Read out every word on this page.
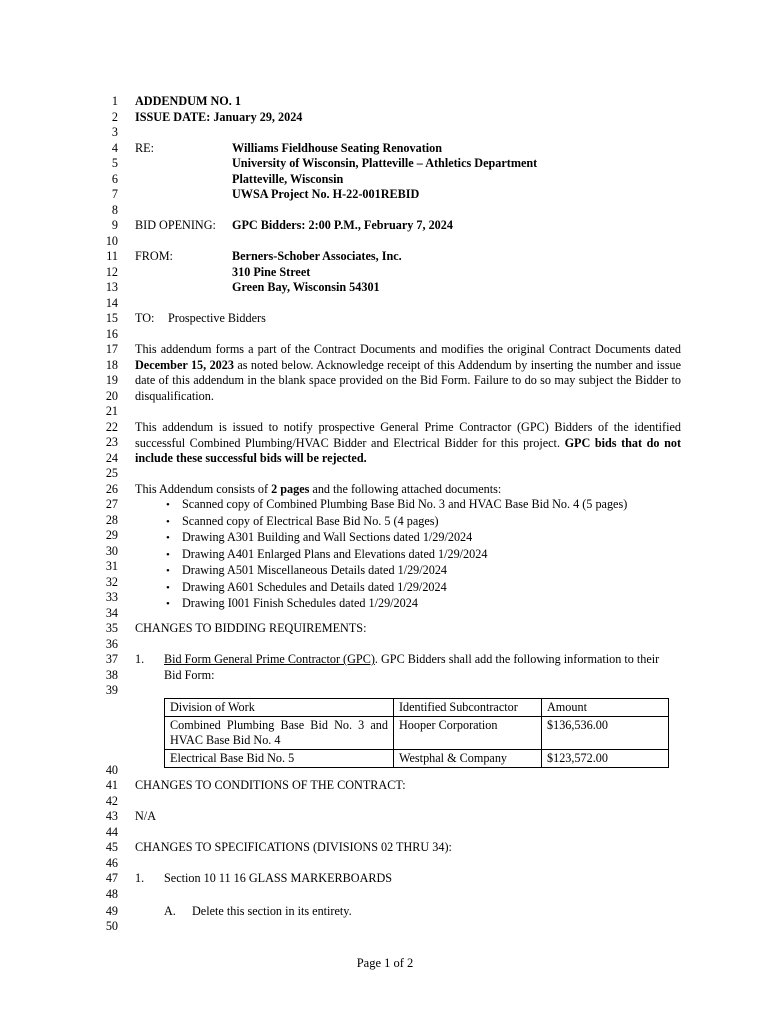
1
2
3
4
5
6
7
8
9
10
11
12
13
14
15
16
17
18
19
20
21
22
23
24
25
26
27
28
29
30
31
32
33
34
35
36
37
38
39
40
41
42
43
44
45
46
47
48
49
50
ADDENDUM NO. 1
ISSUE DATE: January 29, 2024
RE:	Williams Fieldhouse Seating Renovation
University of Wisconsin, Platteville – Athletics Department
Platteville, Wisconsin
UWSA Project No. H-22-001REBID
BID OPENING: GPC Bidders: 2:00 P.M., February 7, 2024
FROM:	Berners-Schober Associates, Inc.
310 Pine Street
Green Bay, Wisconsin 54301
TO: Prospective Bidders
This addendum forms a part of the Contract Documents and modifies the original Contract Documents dated December 15, 2023 as noted below. Acknowledge receipt of this Addendum by inserting the number and issue date of this addendum in the blank space provided on the Bid Form. Failure to do so may subject the Bidder to disqualification.
This addendum is issued to notify prospective General Prime Contractor (GPC) Bidders of the identified successful Combined Plumbing/HVAC Bidder and Electrical Bidder for this project. GPC bids that do not include these successful bids will be rejected.
This Addendum consists of 2 pages and the following attached documents:
• Scanned copy of Combined Plumbing Base Bid No. 3 and HVAC Base Bid No. 4 (5 pages)
• Scanned copy of Electrical Base Bid No. 5 (4 pages)
• Drawing A301 Building and Wall Sections dated 1/29/2024
• Drawing A401 Enlarged Plans and Elevations dated 1/29/2024
• Drawing A501 Miscellaneous Details dated 1/29/2024
• Drawing A601 Schedules and Details dated 1/29/2024
• Drawing I001 Finish Schedules dated 1/29/2024
CHANGES TO BIDDING REQUIREMENTS:
1. Bid Form General Prime Contractor (GPC). GPC Bidders shall add the following information to their
Bid Form:
Division of Work	Identified Subcontractor	Amount
Combined Plumbing Base Bid No. 3 and HVAC Base Bid No. 4	Hooper Corporation	$136,536.00
Electrical Base Bid No. 5	Westphal & Company	$123,572.00
CHANGES TO CONDITIONS OF THE CONTRACT:
N/A
CHANGES TO SPECIFICATIONS (DIVISIONS 02 THRU 34):
1. Section 10 11 16 GLASS MARKERBOARDS
A. Delete this section in its entirety.
Page 1 of 2
